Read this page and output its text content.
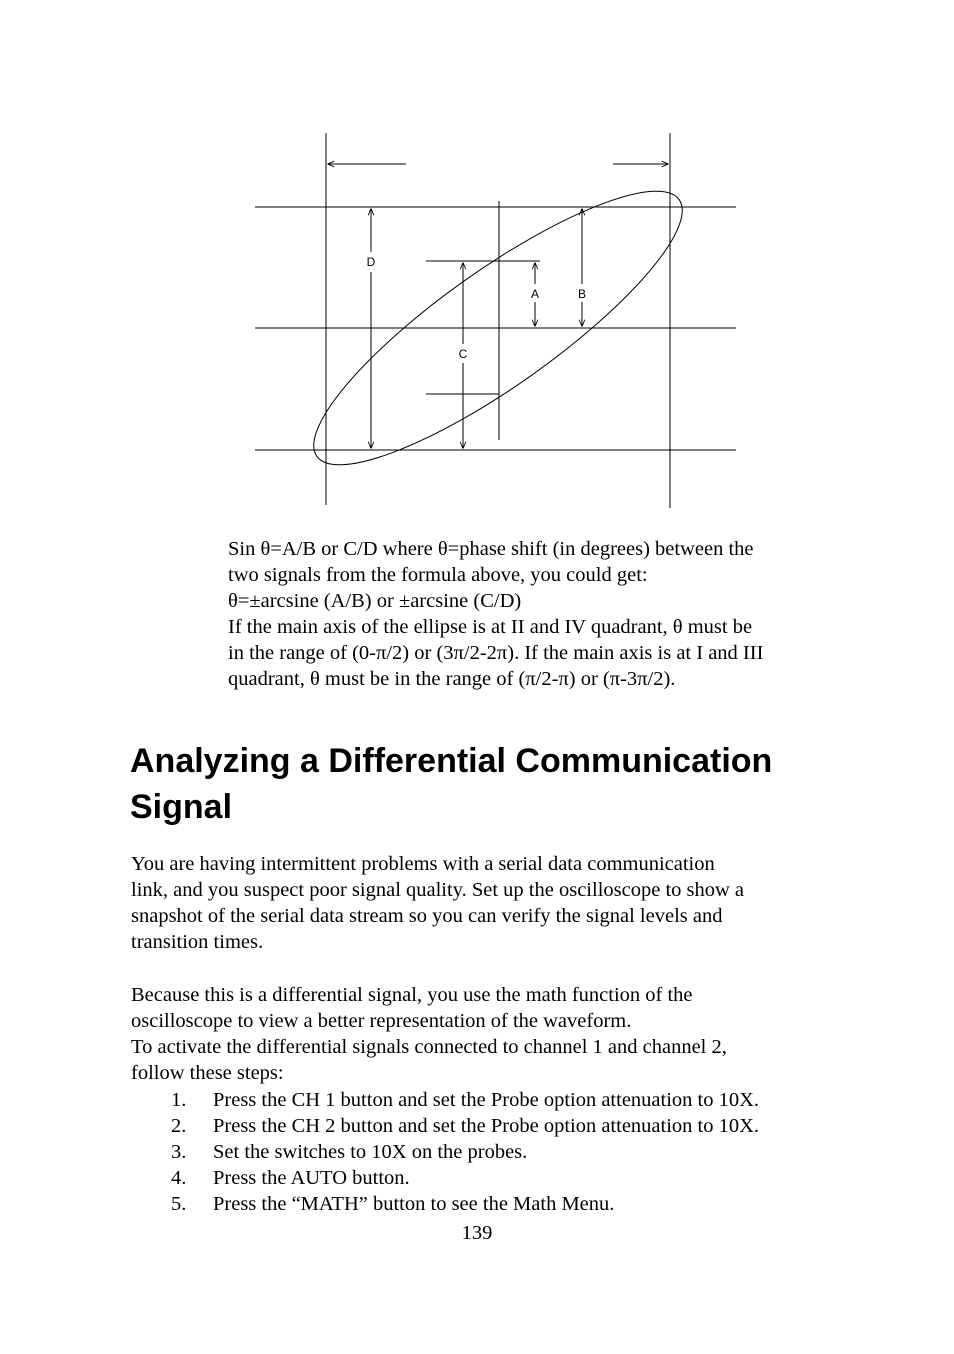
D
A	B
C
Sin θ=A/B or C/D where θ=phase shift (in degrees) between the
two signals from the formula above, you could get:
θ=±arcsine (A/B) or ±arcsine (C/D)
If the main axis of the ellipse is at II and IV quadrant, θ must be
in the range of (0-π/2) or (3π/2-2π). If the main axis is at I and III
quadrant, θ must be in the range of (π/2-π) or (π-3π/2).
Analyzing a Differential Communication Signal
You are having intermittent problems with a serial data communication
link, and you suspect poor signal quality. Set up the oscilloscope to show a
snapshot of the serial data stream so you can verify the signal levels and
transition times.
Because this is a differential signal, you use the math function of the
oscilloscope to view a better representation of the waveform.
To activate the differential signals connected to channel 1 and channel 2,
follow these steps:
1.	Press the CH 1 button and set the Probe option attenuation to 10X.
2.	Press the CH 2 button and set the Probe option attenuation to 10X.
3.	Set the switches to 10X on the probes.
4.	Press the AUTO button.
5.	Press the “MATH” button to see the Math Menu.
139
